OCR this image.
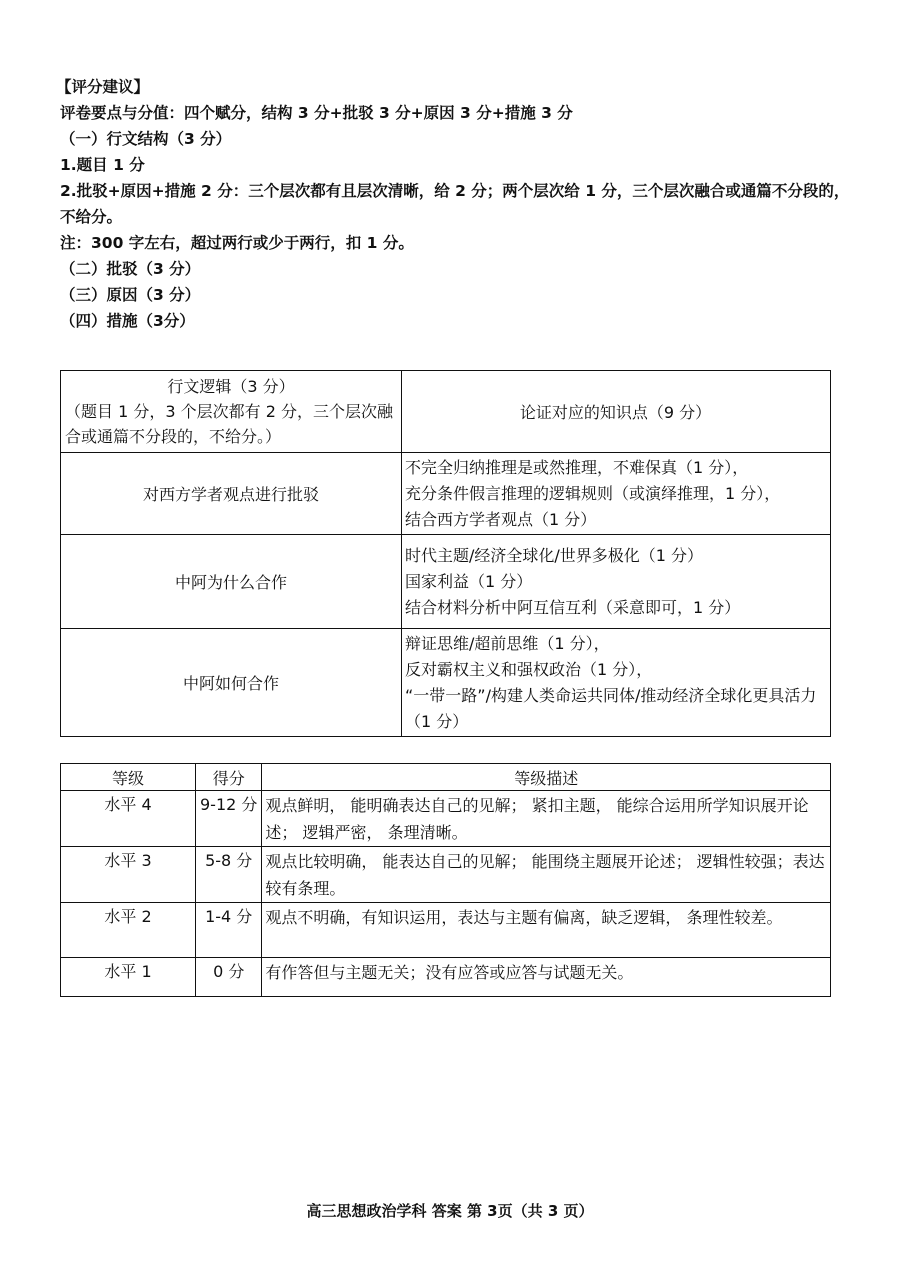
【评分建议】
评卷要点与分值：四个赋分，结构 3 分+批驳 3 分+原因 3 分+措施 3 分
（一）行文结构（3 分）
1.题目 1 分
2.批驳+原因+措施 2 分：三个层次都有且层次清晰，给 2 分；两个层次给 1 分，三个层次融合或通篇不分段的，不给分。
注：300 字左右，超过两行或少于两行，扣 1 分。
（二）批驳（3 分）
（三）原因（3 分）
（四）措施（3分）
行文逻辑（3 分）
（题目 1 分，3 个层次都有 2 分，三个层次融合或通篇不分段的，不给分。）	论证对应的知识点（9 分）
对西方学者观点进行批驳	不完全归纳推理是或然推理，不难保真（1 分），
充分条件假言推理的逻辑规则（或演绎推理，1 分），
结合西方学者观点（1 分）

中阿为什么合作	时代主题/经济全球化/世界多极化（1 分）
国家利益（1 分）
结合材料分析中阿互信互利（采意即可，1 分）

中阿如何合作	辩证思维/超前思维（1 分），
反对霸权主义和强权政治（1 分），
“一带一路”/构建人类命运共同体/推动经济全球化更具活力（1 分）
等级	得分	等级描述
水平 4	9-12 分	观点鲜明， 能明确表达自己的见解； 紧扣主题， 能综合运用所学知识展开论述； 逻辑严密， 条理清晰。
水平 3	5-8 分	观点比较明确， 能表达自己的见解； 能围绕主题展开论述； 逻辑性较强；表达较有条理。
水平 2	1-4 分	观点不明确，有知识运用，表达与主题有偏离，缺乏逻辑， 条理性较差。
水平 1	0 分	有作答但与主题无关；没有应答或应答与试题无关。
高三思想政治学科 答案 第 3页（共 3 页）
